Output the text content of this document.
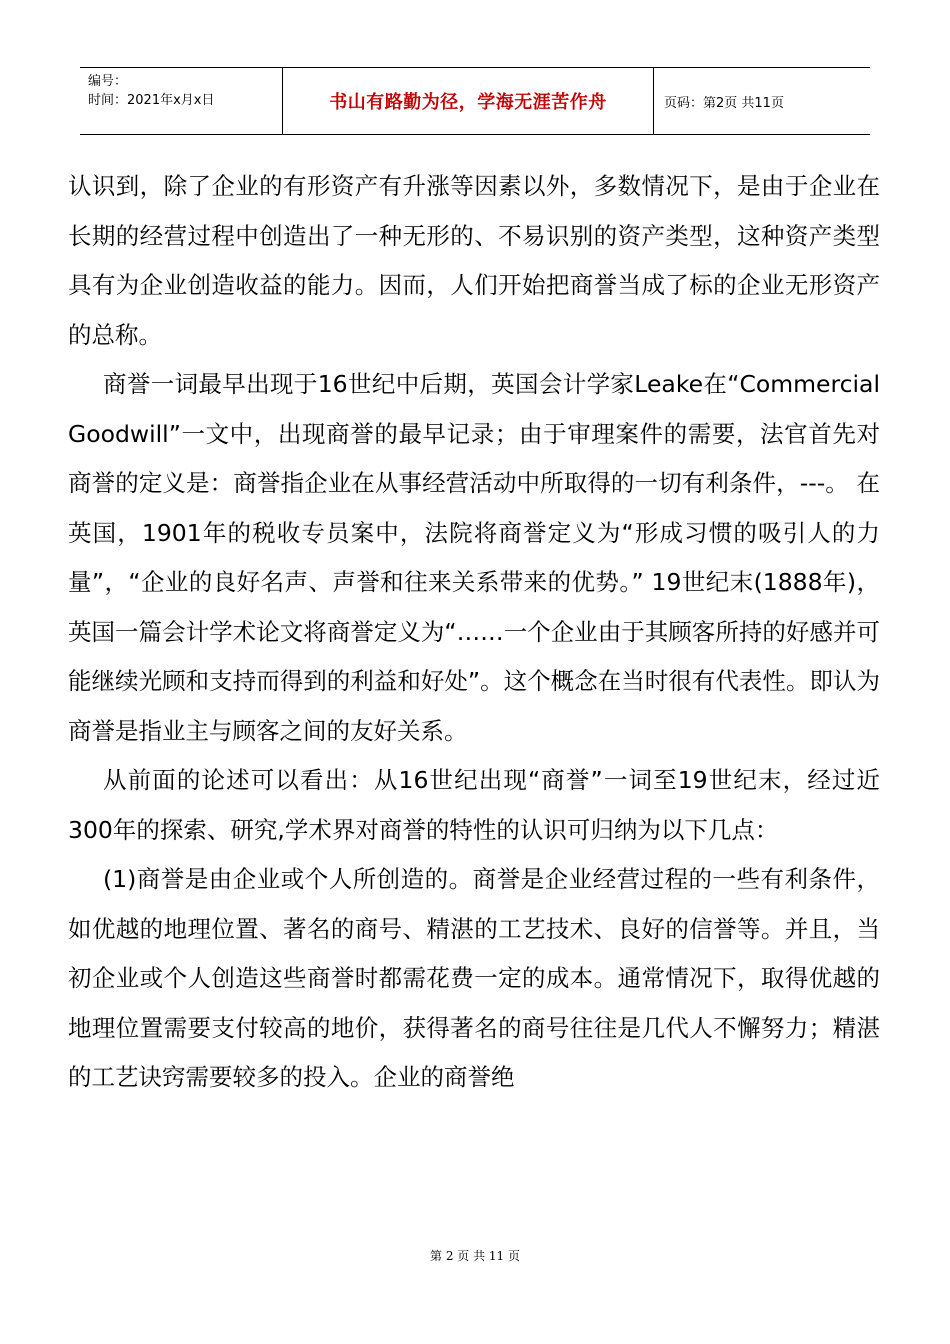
编号：
时间：2021年x月x日	书山有路勤为径，学海无涯苦作舟	页码：第2页 共11页

认识到，除了企业的有形资产有升涨等因素以外，多数情况下，是由于企业在长期的经营过程中创造出了一种无形的、不易识别的资产类型，这种资产类型具有为企业创造收益的能力。因而，人们开始把商誉当成了标的企业无形资产的总称。

商誉一词最早出现于16世纪中后期，英国会计学家Leake在“Commercial Goodwill”一文中，出现商誉的最早记录；由于审理案件的需要，法官首先对商誉的定义是：商誉指企业在从事经营活动中所取得的一切有利条件，---。 在英国，1901年的税收专员案中，法院将商誉定义为“形成习惯的吸引人的力量”，“企业的良好名声、声誉和往来关系带来的优势。” 19世纪末(1888年)，英国一篇会计学术论文将商誉定义为“……一个企业由于其顾客所持的好感并可能继续光顾和支持而得到的利益和好处”。这个概念在当时很有代表性。即认为商誉是指业主与顾客之间的友好关系。

从前面的论述可以看出：从16世纪出现“商誉”一词至19世纪末，经过近300年的探索、研究,学术界对商誉的特性的认识可归纳为以下几点：

(1)商誉是由企业或个人所创造的。商誉是企业经营过程的一些有利条件，如优越的地理位置、著名的商号、精湛的工艺技术、良好的信誉等。并且，当初企业或个人创造这些商誉时都需花费一定的成本。通常情况下，取得优越的地理位置需要支付较高的地价，获得著名的商号往往是几代人不懈努力；精湛的工艺诀窍需要较多的投入。企业的商誉绝

第 2 页 共 11 页
